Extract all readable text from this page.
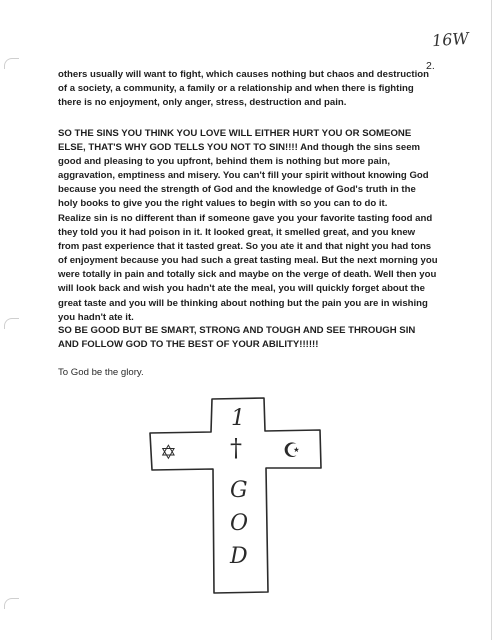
16W
2.

others usually will want to fight, which causes nothing but chaos and destruction of a society, a community, a family or a relationship and when there is fighting there is no enjoyment, only anger, stress, destruction and pain.

SO THE SINS YOU THINK YOU LOVE WILL EITHER HURT YOU OR SOMEONE ELSE, THAT'S WHY GOD TELLS YOU NOT TO SIN!!!! And though the sins seem good and pleasing to you upfront, behind them is nothing but more pain, aggravation, emptiness and misery. You can't fill your spirit without knowing God because you need the strength of God and the knowledge of God's truth in the holy books to give you the right values to begin with so you can to do it.

Realize sin is no different than if someone gave you your favorite tasting food and they told you it had poison in it. It looked great, it smelled great, and you knew from past experience that it tasted great. So you ate it and that night you had tons of enjoyment because you had such a great tasting meal. But the next morning you were totally in pain and totally sick and maybe on the verge of death. Well then you will look back and wish you hadn't ate the meal, you will quickly forget about the great taste and you will be thinking about nothing but the pain you are in wishing you hadn't ate it.

SO BE GOOD BUT BE SMART, STRONG AND TOUGH AND SEE THROUGH SIN AND FOLLOW GOD TO THE BEST OF YOUR ABILITY!!!!!!

To God be the glory.
1
†
✡	☪
G
O
D
